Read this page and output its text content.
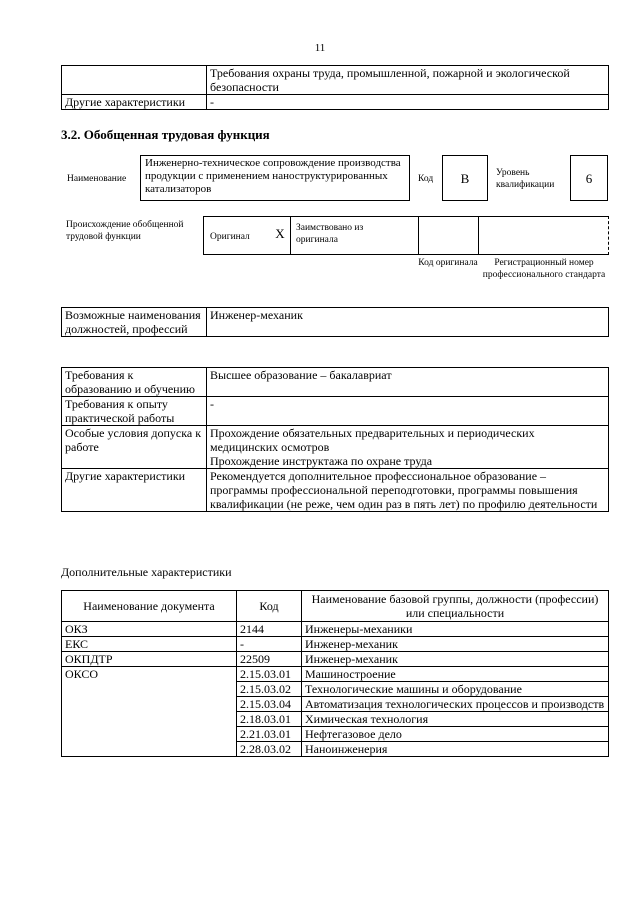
11
	Требования охраны труда, промышленной, пожарной и экологической безопасности
Другие характеристики	-
3.2. Обобщенная трудовая функция
Наименование
Инженерно-техническое сопровождение производства продукции с применением наноструктурированных катализаторов
Код	В	Уровень квалификации	6
Происхождение обобщенной трудовой функции	Оригинал	X	Заимствовано из оригинала
Код оригинала	Регистрационный номер профессионального стандарта
Возможные наименования должностей, профессий	Инженер-механик
Требования к образованию и обучению	Высшее образование – бакалавриат
Требования к опыту практической работы	-
Особые условия допуска к работе	Прохождение обязательных предварительных и периодических медицинских осмотров
Прохождение инструктажа по охране труда

Другие характеристики	Рекомендуется дополнительное профессиональное образование – программы профессиональной переподготовки, программы повышения квалификации (не реже, чем один раз в пять лет) по профилю деятельности
Дополнительные характеристики
Наименование документа	Код	Наименование базовой группы, должности (профессии) или специальности
ОКЗ	2144	Инженеры-механики
ЕКС	-	Инженер-механик
ОКПДТР	22509	Инженер-механик
ОКСО	2.15.03.01	Машиностроение
	2.15.03.02	Технологические машины и оборудование
	2.15.03.04	Автоматизация технологических процессов и производств
	2.18.03.01	Химическая технология
	2.21.03.01	Нефтегазовое дело
	2.28.03.02	Наноинженерия
